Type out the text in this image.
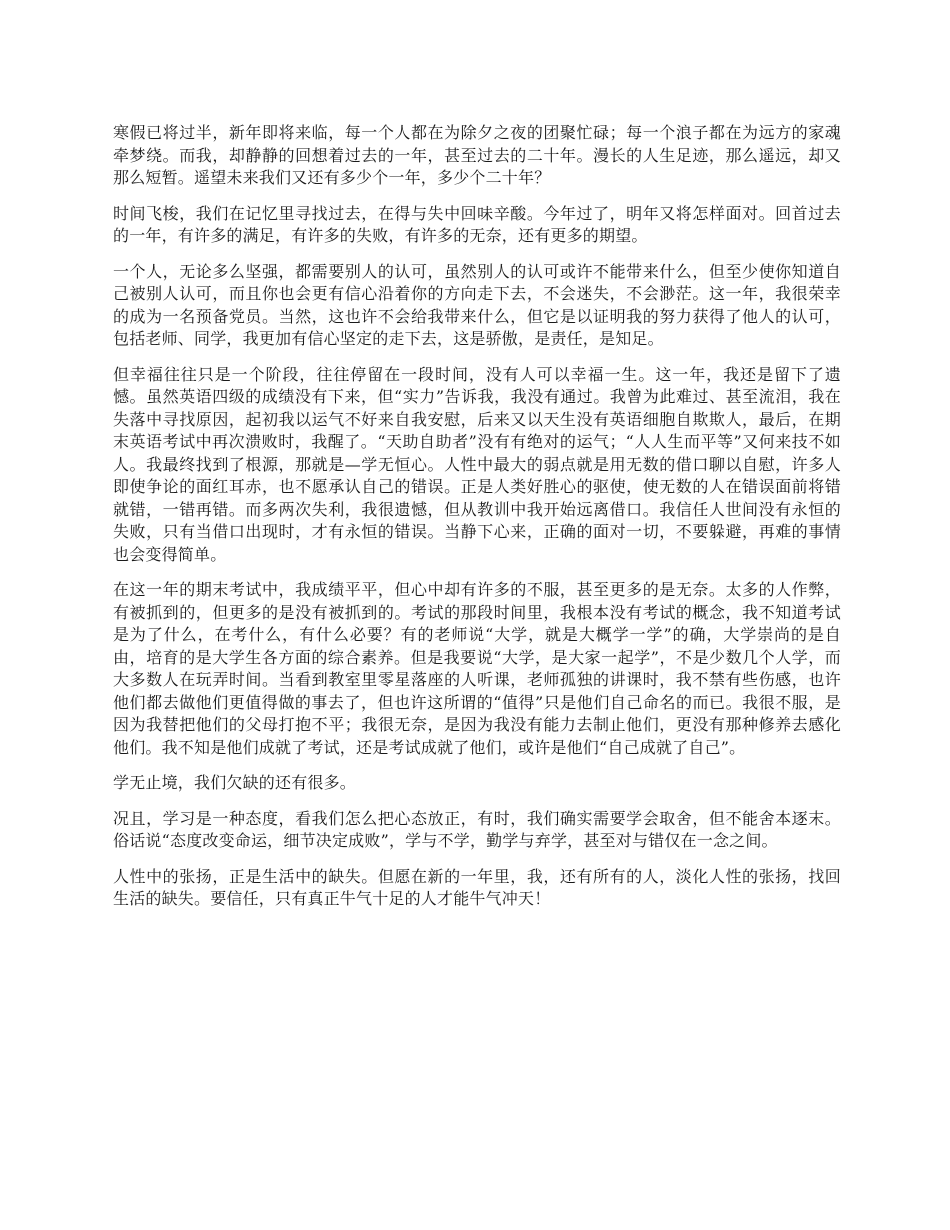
寒假已将过半，新年即将来临，每一个人都在为除夕之夜的团聚忙碌；每一个浪子都在为远方的家魂牵梦绕。而我，却静静的回想着过去的一年，甚至过去的二十年。漫长的人生足迹，那么遥远，却又那么短暂。遥望未来我们又还有多少个一年，多少个二十年？

时间飞梭，我们在记忆里寻找过去，在得与失中回味辛酸。今年过了，明年又将怎样面对。回首过去的一年，有许多的满足，有许多的失败，有许多的无奈，还有更多的期望。

一个人，无论多么坚强，都需要别人的认可，虽然别人的认可或许不能带来什么，但至少使你知道自己被别人认可，而且你也会更有信心沿着你的方向走下去，不会迷失，不会渺茫。这一年，我很荣幸的成为一名预备党员。当然，这也许不会给我带来什么，但它是以证明我的努力获得了他人的认可，包括老师、同学，我更加有信心坚定的走下去，这是骄傲，是责任，是知足。

但幸福往往只是一个阶段，往往停留在一段时间，没有人可以幸福一生。这一年，我还是留下了遗憾。虽然英语四级的成绩没有下来，但“实力”告诉我，我没有通过。我曾为此难过、甚至流泪，我在失落中寻找原因，起初我以运气不好来自我安慰，后来又以天生没有英语细胞自欺欺人，最后，在期末英语考试中再次溃败时，我醒了。“天助自助者”没有有绝对的运气；“人人生而平等”又何来技不如人。我最终找到了根源，那就是—学无恒心。人性中最大的弱点就是用无数的借口聊以自慰，许多人即使争论的面红耳赤，也不愿承认自己的错误。正是人类好胜心的驱使，使无数的人在错误面前将错就错，一错再错。而多两次失利，我很遗憾，但从教训中我开始远离借口。我信任人世间没有永恒的失败，只有当借口出现时，才有永恒的错误。当静下心来，正确的面对一切，不要躲避，再难的事情也会变得简单。

在这一年的期末考试中，我成绩平平，但心中却有许多的不服，甚至更多的是无奈。太多的人作弊，有被抓到的，但更多的是没有被抓到的。考试的那段时间里，我根本没有考试的概念，我不知道考试是为了什么，在考什么，有什么必要？有的老师说“大学，就是大概学一学”的确，大学崇尚的是自由，培育的是大学生各方面的综合素养。但是我要说“大学，是大家一起学”，不是少数几个人学，而大多数人在玩弄时间。当看到教室里零星落座的人听课，老师孤独的讲课时，我不禁有些伤感，也许他们都去做他们更值得做的事去了，但也许这所谓的“值得”只是他们自己命名的而已。我很不服，是因为我替把他们的父母打抱不平；我很无奈，是因为我没有能力去制止他们，更没有那种修养去感化他们。我不知是他们成就了考试，还是考试成就了他们，或许是他们“自己成就了自己”。

学无止境，我们欠缺的还有很多。

况且，学习是一种态度，看我们怎么把心态放正，有时，我们确实需要学会取舍，但不能舍本逐末。俗话说“态度改变命运，细节决定成败”，学与不学，勤学与弃学，甚至对与错仅在一念之间。

人性中的张扬，正是生活中的缺失。但愿在新的一年里，我，还有所有的人，淡化人性的张扬，找回生活的缺失。要信任，只有真正牛气十足的人才能牛气冲天！
